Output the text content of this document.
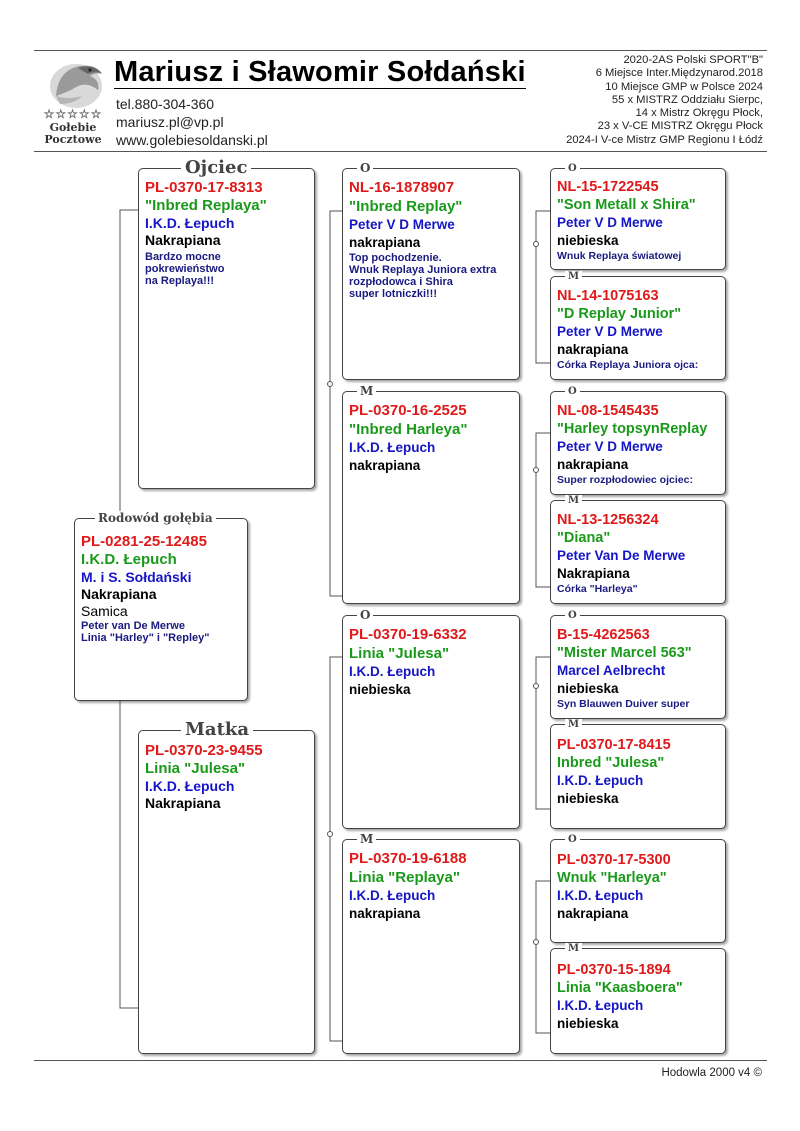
☆☆☆☆☆
Gołebie
Pocztowe
Mariusz i Sławomir Sołdański
tel.880-304-360
mariusz.pl@vp.pl
www.golebiesoldanski.pl
2020-2AS Polski SPORT"B"
6 Miejsce Inter.Międzynarod.2018
10 Miejsce GMP w Polsce 2024
55 x MISTRZ Oddziału Sierpc,
14 x Mistrz Okręgu Płock,
23 x V-CE MISTRZ Okręgu Płock
2024-I V-ce Mistrz GMP Regionu I Łódź
Rodowód gołębia
PL-0281-25-12485
I.K.D. Łepuch
M. i S. Sołdański
Nakrapiana
Samica
Peter van De Merwe
Linia "Harley" i "Repley"
Ojciec
PL-0370-17-8313
"Inbred Replaya"
I.K.D. Łepuch
Nakrapiana
Bardzo mocne
pokrewieństwo
na Replaya!!!
Matka
PL-0370-23-9455
Linia "Julesa"
I.K.D. Łepuch
Nakrapiana
O
NL-16-1878907
"Inbred Replay"
Peter V D Merwe
nakrapiana
Top pochodzenie.
Wnuk Replaya Juniora extra
rozpłodowca i Shira
super lotniczki!!!
M
PL-0370-16-2525
"Inbred Harleya"
I.K.D. Łepuch
nakrapiana
O
PL-0370-19-6332
Linia "Julesa"
I.K.D. Łepuch
niebieska
M
PL-0370-19-6188
Linia "Replaya"
I.K.D. Łepuch
nakrapiana
O
NL-15-1722545
"Son Metall x Shira"
Peter V D Merwe
niebieska
Wnuk Replaya światowej
M
NL-14-1075163
"D Replay Junior"
Peter V D Merwe
nakrapiana
Córka Replaya Juniora ojca:
O
NL-08-1545435
"Harley topsynReplay
Peter V D Merwe
nakrapiana
Super rozpłodowiec ojciec:
M
NL-13-1256324
"Diana"
Peter Van De Merwe
Nakrapiana
Córka "Harleya"
O
B-15-4262563
"Mister Marcel 563"
Marcel Aelbrecht
niebieska
Syn Blauwen Duiver super
M
PL-0370-17-8415
Inbred "Julesa"
I.K.D. Łepuch
niebieska
O
PL-0370-17-5300
Wnuk "Harleya"
I.K.D. Łepuch
nakrapiana
M
PL-0370-15-1894
Linia "Kaasboera"
I.K.D. Łepuch
niebieska
Hodowla 2000 v4 ©
